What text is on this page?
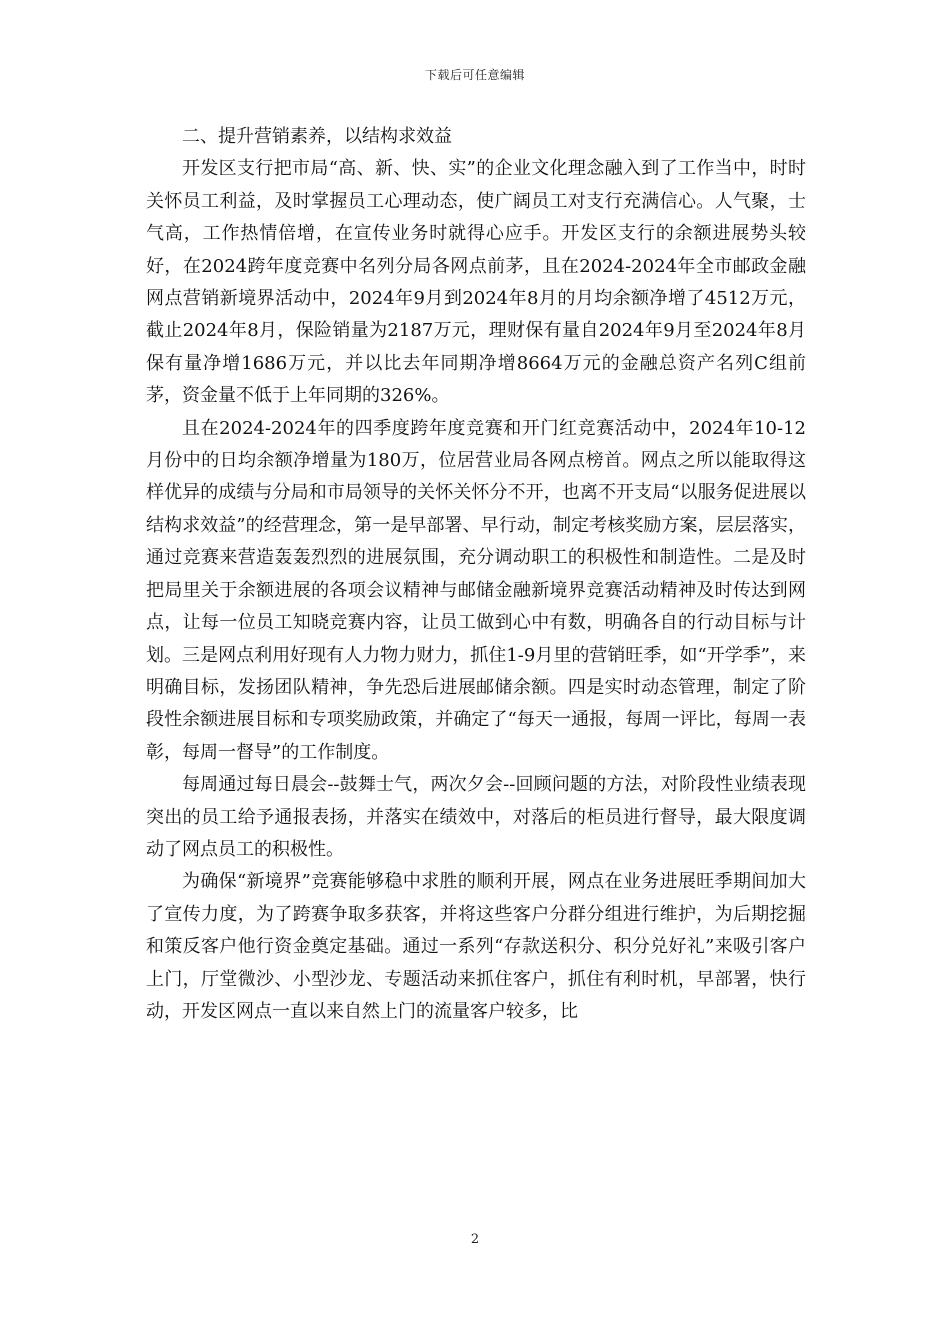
下载后可任意编辑

二、提升营销素养，以结构求效益

开发区支行把市局“高、新、快、实”的企业文化理念融入到了工作当中，时时关怀员工利益，及时掌握员工心理动态，使广阔员工对支行充满信心。人气聚，士气高，工作热情倍增，在宣传业务时就得心应手。开发区支行的余额进展势头较好，在2024跨年度竞赛中名列分局各网点前茅，且在2024-2024年全市邮政金融网点营销新境界活动中，2024年9月到2024年8月的月均余额净增了4512万元，截止2024年8月，保险销量为2187万元，理财保有量自2024年9月至2024年8月保有量净增1686万元，并以比去年同期净增8664万元的金融总资产名列C组前茅，资金量不低于上年同期的326%。

且在2024-2024年的四季度跨年度竞赛和开门红竞赛活动中，2024年10-12月份中的日均余额净增量为180万，位居营业局各网点榜首。网点之所以能取得这样优异的成绩与分局和市局领导的关怀关怀分不开，也离不开支局“以服务促进展以结构求效益”的经营理念，第一是早部署、早行动，制定考核奖励方案，层层落实，通过竞赛来营造轰轰烈烈的进展氛围，充分调动职工的积极性和制造性。二是及时把局里关于余额进展的各项会议精神与邮储金融新境界竞赛活动精神及时传达到网点，让每一位员工知晓竞赛内容，让员工做到心中有数，明确各自的行动目标与计划。三是网点利用好现有人力物力财力，抓住1-9月里的营销旺季，如“开学季”，来明确目标，发扬团队精神，争先恐后进展邮储余额。四是实时动态管理，制定了阶段性余额进展目标和专项奖励政策，并确定了“每天一通报，每周一评比，每周一表彰，每周一督导”的工作制度。

每周通过每日晨会--鼓舞士气，两次夕会--回顾问题的方法，对阶段性业绩表现突出的员工给予通报表扬，并落实在绩效中，对落后的柜员进行督导，最大限度调动了网点员工的积极性。

为确保“新境界”竞赛能够稳中求胜的顺利开展，网点在业务进展旺季期间加大了宣传力度，为了跨赛争取多获客，并将这些客户分群分组进行维护，为后期挖掘和策反客户他行资金奠定基础。通过一系列“存款送积分、积分兑好礼”来吸引客户上门，厅堂微沙、小型沙龙、专题活动来抓住客户，抓住有利时机，早部署，快行动，开发区网点一直以来自然上门的流量客户较多，比

2
